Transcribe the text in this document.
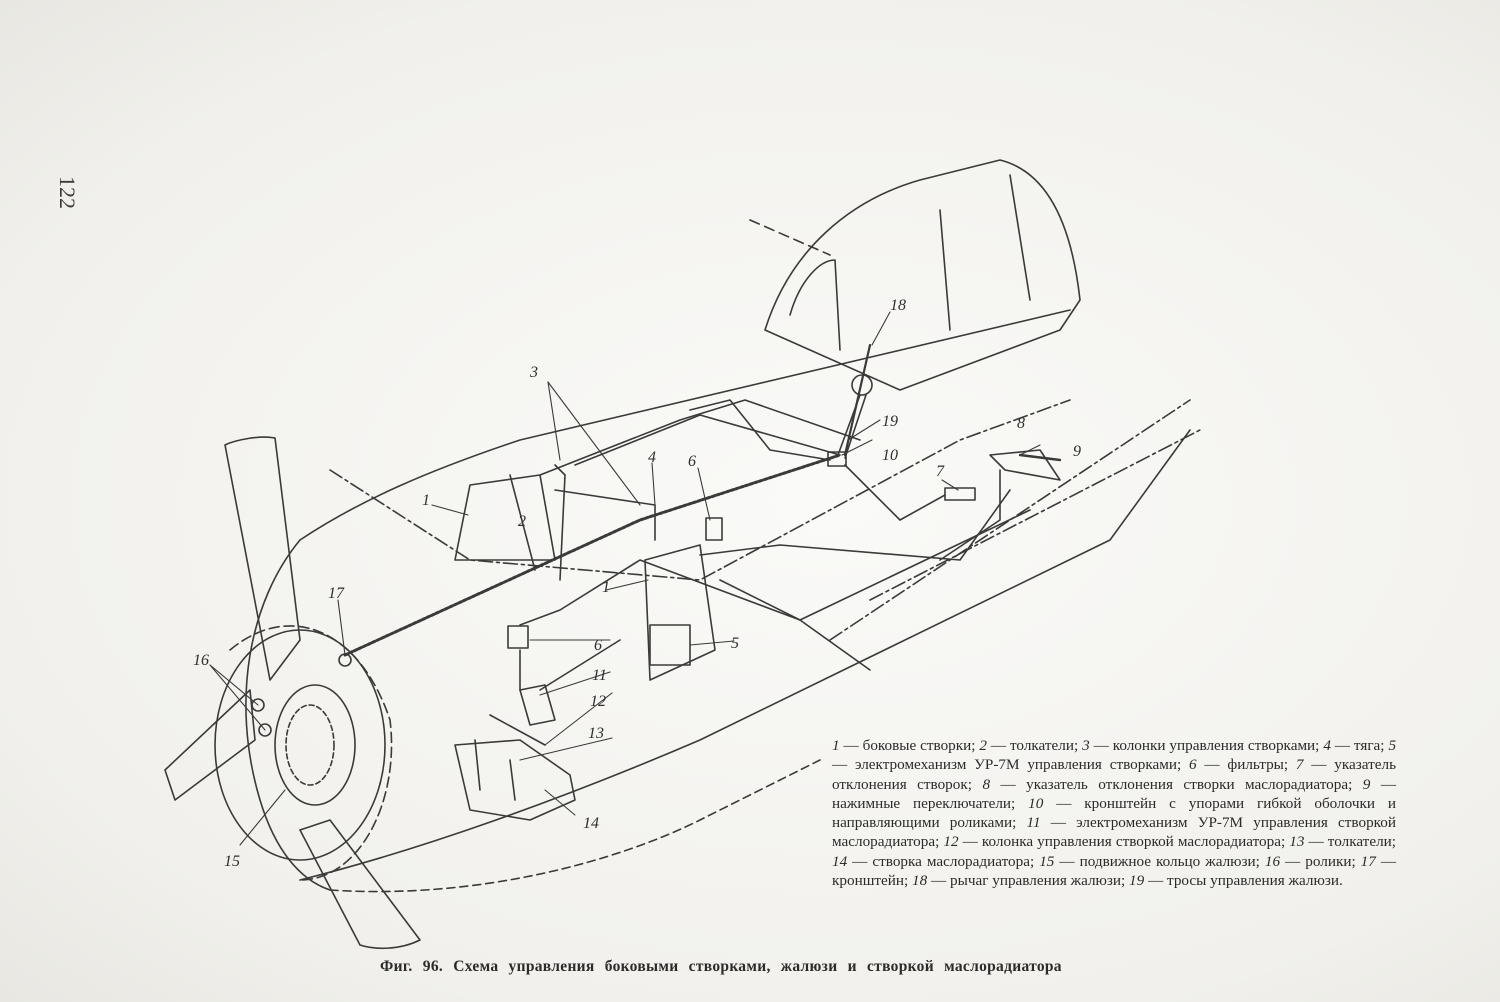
122
1
1
2
3
4
5
6
6
7
8
9
10
11
12
13
14
15
16
17
18
19
1 — боковые створки; 2 — толкатели; 3 — колонки управления створками; 4 — тяга; 5 — электромеханизм УР-7М управления створками; 6 — фильтры; 7 — указатель отклонения створок; 8 — указатель отклонения створки маслорадиатора; 9 — нажимные переключатели; 10 — кронштейн с упорами гибкой оболочки и направляющими роликами; 11 — электромеханизм УР-7М управления створкой маслорадиатора; 12 — колонка управления створкой маслорадиатора; 13 — толкатели; 14 — створка маслорадиатора; 15 — подвижное кольцо жалюзи; 16 — ролики; 17 — кронштейн; 18 — рычаг управления жалюзи; 19 — тросы управления жалюзи.
Фиг. 96. Схема управления боковыми створками, жалюзи и створкой маслорадиатора
